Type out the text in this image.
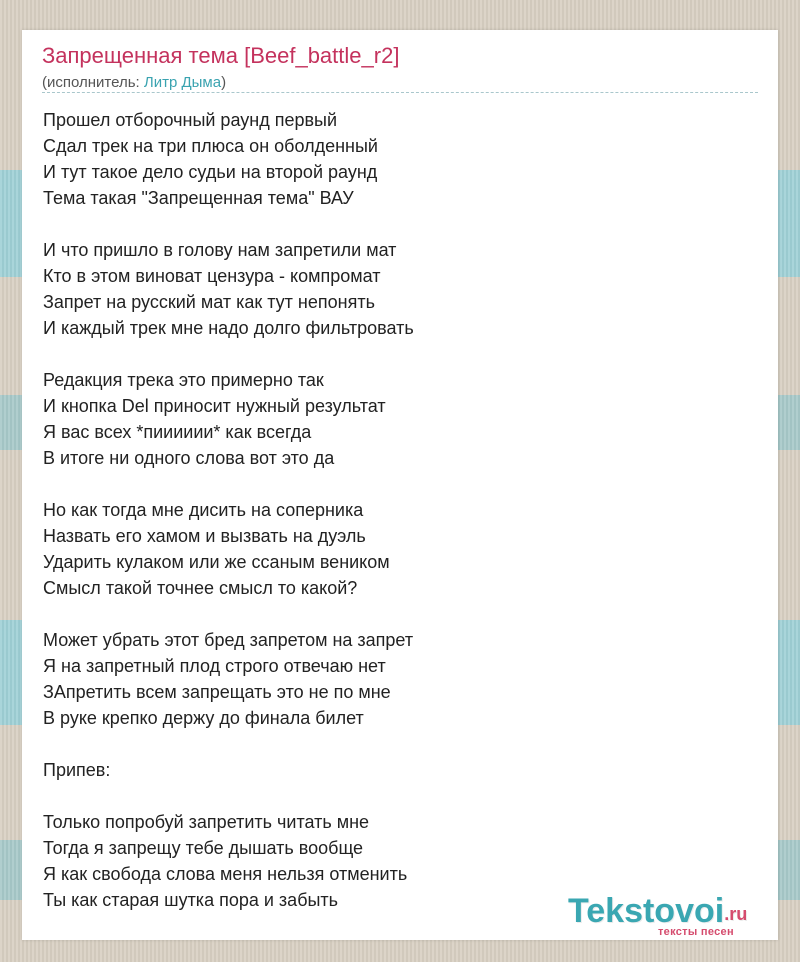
Запрещенная тема [Beef_battle_r2]
(исполнитель: Литр Дыма)
Прошел отборочный раунд первый
Сдал трек на три плюса он оболденный
И тут такое дело судьи на второй раунд
Тема такая "Запрещенная тема" ВАУ
И что пришло в голову нам запретили мат
Кто в этом виноват цензура - компромат
Запрет на русский мат как тут непонять
И каждый трек мне надо долго фильтровать
Редакция трека это примерно так
И кнопка Del приносит нужный результат
Я вас всех *пииииии* как всегда
В итоге ни одного слова вот это да
Но как тогда мне дисить на соперника
Назвать его хамом и вызвать на дуэль
Ударить кулаком или же ссаным веником
Смысл такой точнее смысл то какой?
Может убрать этот бред запретом на запрет
Я на запретный плод строго отвечаю нет
ЗАпретить всем запрещать это не по мне
В руке крепко держу до финала билет
Припев:
Только попробуй запретить читать мне
Тогда я запрещу тебе дышать вообще
Я как свобода слова меня нельзя отменить
Ты как старая шутка пора и забыть	Tekstovoi.ru
тексты песен
